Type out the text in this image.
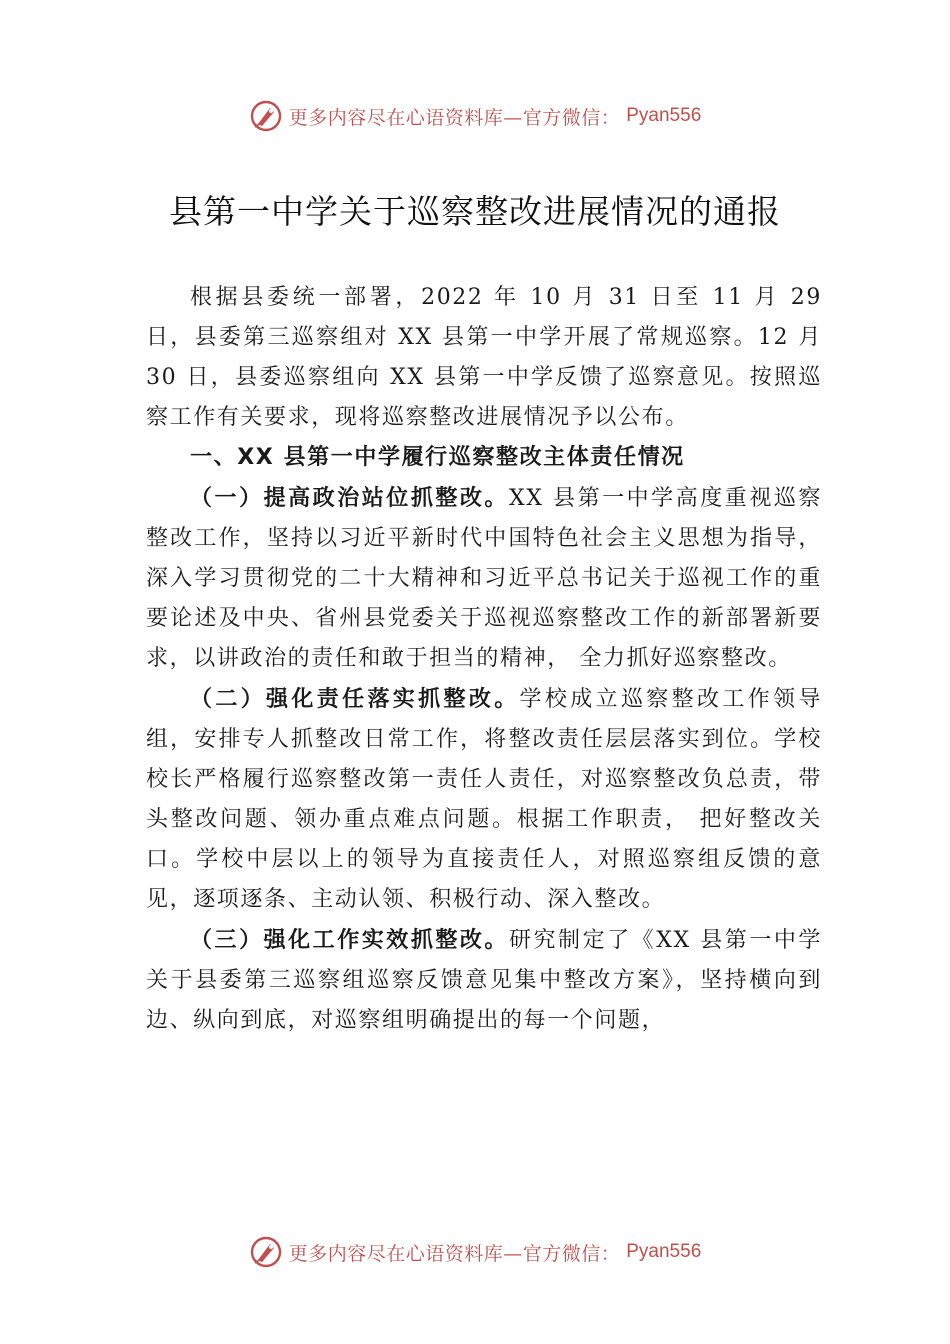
更多内容尽在心语资料库—官方微信： Pyan556
县第一中学关于巡察整改进展情况的通报

根据县委统一部署，2022 年 10 月 31 日至 11 月 29 日，县委第三巡察组对 XX 县第一中学开展了常规巡察。12 月 30 日，县委巡察组向 XX 县第一中学反馈了巡察意见。按照巡察工作有关要求，现将巡察整改进展情况予以公布。

一、XX 县第一中学履行巡察整改主体责任情况

（一）提高政治站位抓整改。XX 县第一中学高度重视巡察整改工作，坚持以习近平新时代中国特色社会主义思想为指导，深入学习贯彻党的二十大精神和习近平总书记关于巡视工作的重要论述及中央、省州县党委关于巡视巡察整改工作的新部署新要求，以讲政治的责任和敢于担当的精神， 全力抓好巡察整改。

（二）强化责任落实抓整改。学校成立巡察整改工作领导组，安排专人抓整改日常工作，将整改责任层层落实到位。学校校长严格履行巡察整改第一责任人责任，对巡察整改负总责，带头整改问题、领办重点难点问题。根据工作职责， 把好整改关口。学校中层以上的领导为直接责任人，对照巡察组反馈的意见，逐项逐条、主动认领、积极行动、深入整改。

（三）强化工作实效抓整改。研究制定了《XX 县第一中学关于县委第三巡察组巡察反馈意见集中整改方案》，坚持横向到边、纵向到底，对巡察组明确提出的每一个问题，

更多内容尽在心语资料库—官方微信： Pyan556
